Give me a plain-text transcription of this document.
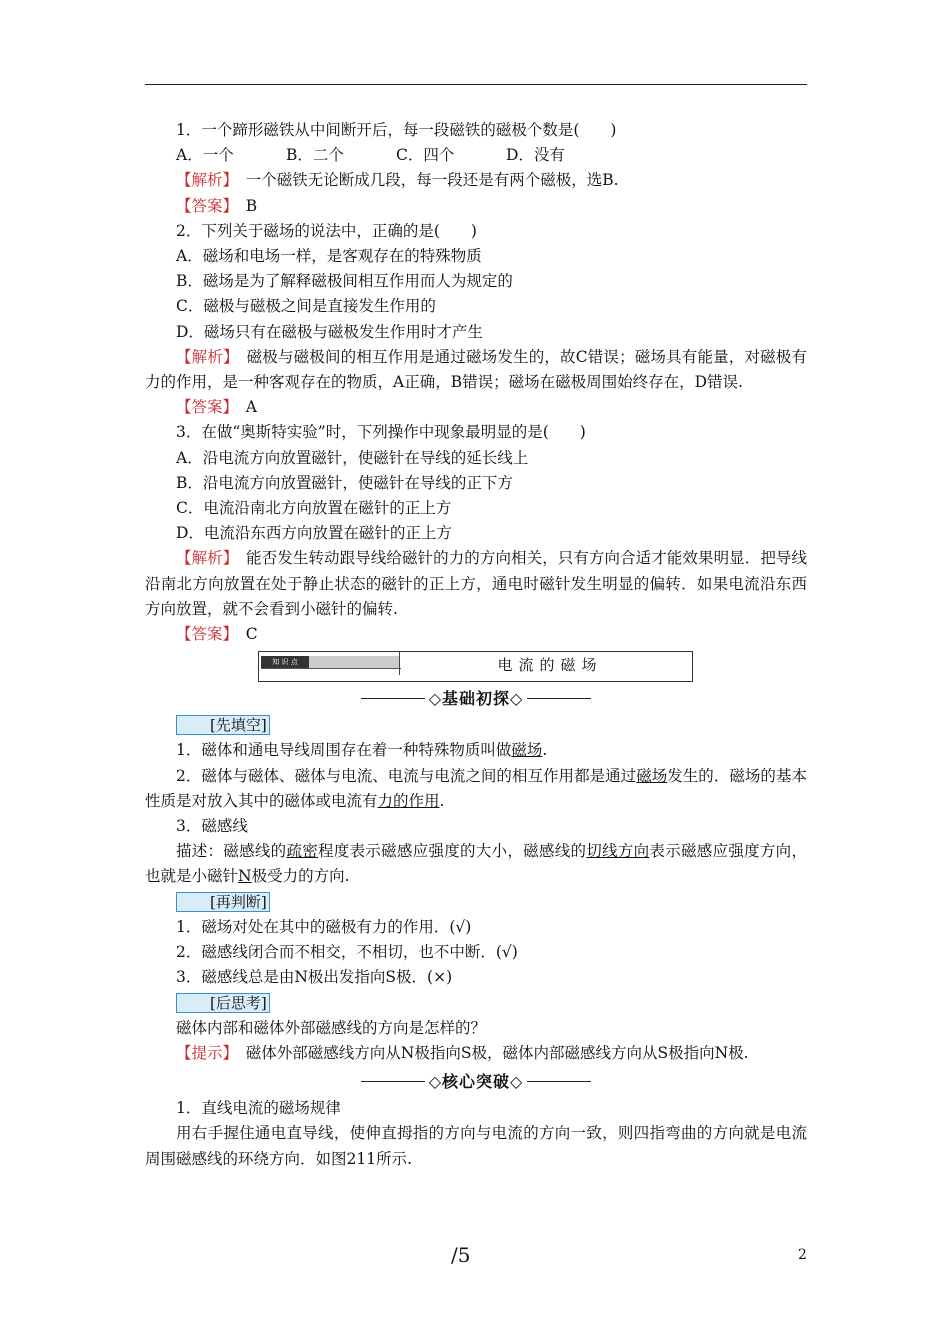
1．一个蹄形磁铁从中间断开后，每一段磁铁的磁极个数是(　　)

A．一个	B．二个	C．四个	D．没有

【解析】　一个磁铁无论断成几段，每一段还是有两个磁极，选B.

【答案】　B

2．下列关于磁场的说法中，正确的是(　　)

A．磁场和电场一样，是客观存在的特殊物质

B．磁场是为了解释磁极间相互作用而人为规定的

C．磁极与磁极之间是直接发生作用的

D．磁场只有在磁极与磁极发生作用时才产生

【解析】　磁极与磁极间的相互作用是通过磁场发生的，故C错误；磁场具有能量，对磁极有力的作用，是一种客观存在的物质，A正确，B错误；磁场在磁极周围始终存在，D错误.

【答案】　A

3．在做“奥斯特实验”时，下列操作中现象最明显的是(　　)

A．沿电流方向放置磁针，使磁针在导线的延长线上

B．沿电流方向放置磁针，使磁针在导线的正下方

C．电流沿南北方向放置在磁针的正上方

D．电流沿东西方向放置在磁针的正上方

【解析】　能否发生转动跟导线给磁针的力的方向相关，只有方向合适才能效果明显．把导线沿南北方向放置在处于静止状态的磁针的正上方，通电时磁针发生明显的偏转．如果电流沿东西方向放置，就不会看到小磁针的偏转.

【答案】　C

知 识 点	电流的磁场
◇基础初探◇

[先填空]

1．磁体和通电导线周围存在着一种特殊物质叫做磁场.

2．磁体与磁体、磁体与电流、电流与电流之间的相互作用都是通过磁场发生的．磁场的基本性质是对放入其中的磁体或电流有力的作用.

3．磁感线

描述：磁感线的疏密程度表示磁感应强度的大小，磁感线的切线方向表示磁感应强度方向，也就是小磁针N极受力的方向.

[再判断]

1．磁场对处在其中的磁极有力的作用．(√)

2．磁感线闭合而不相交，不相切，也不中断．(√)

3．磁感线总是由N极出发指向S极．(×)

[后思考]

磁体内部和磁体外部磁感线的方向是怎样的？

【提示】　磁体外部磁感线方向从N极指向S极，磁体内部磁感线方向从S极指向N极.

◇核心突破◇

1．直线电流的磁场规律

用右手握住通电直导线，使伸直拇指的方向与电流的方向一致，则四指弯曲的方向就是电流周围磁感线的环绕方向．如图211所示.

/5	2
